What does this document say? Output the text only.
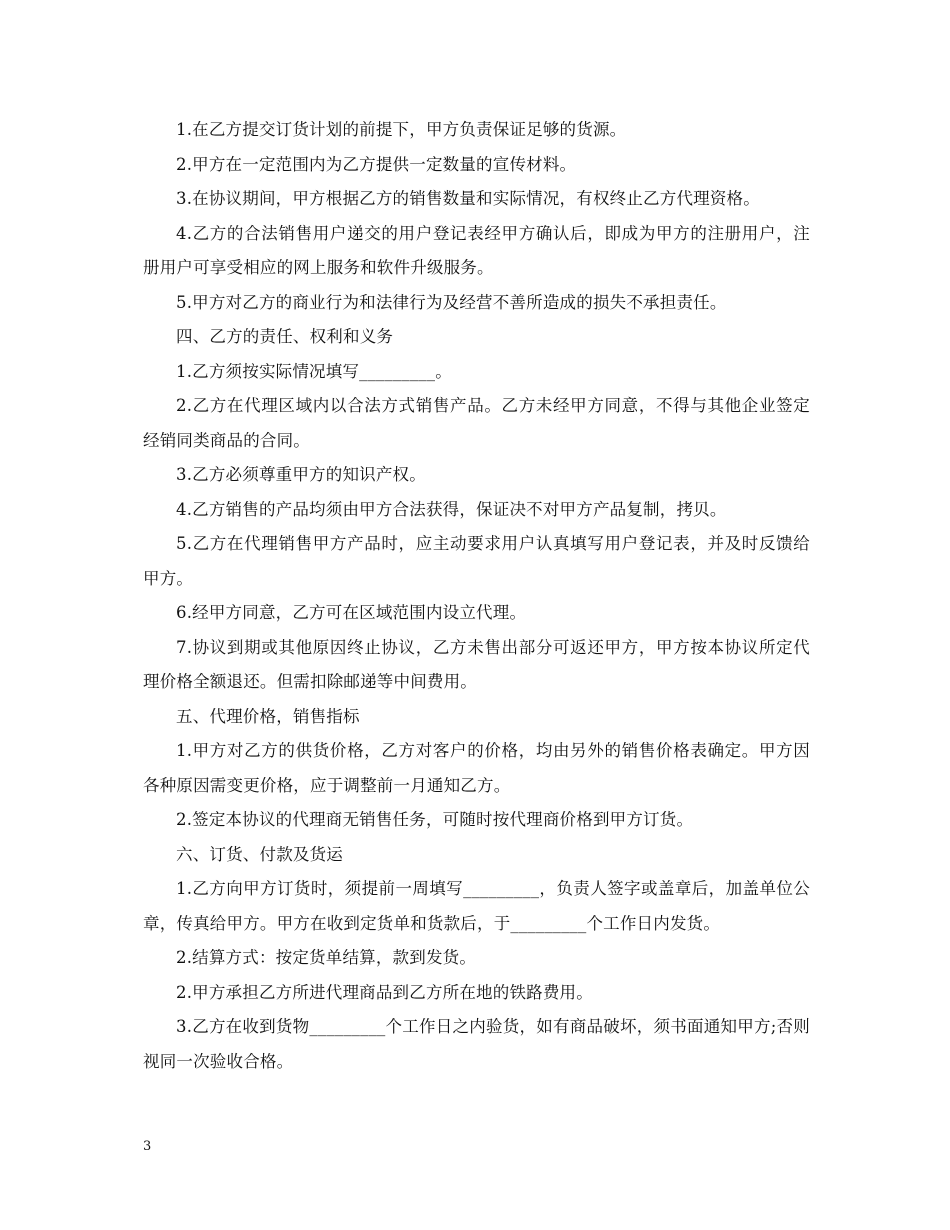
1.在乙方提交订货计划的前提下，甲方负责保证足够的货源。

2.甲方在一定范围内为乙方提供一定数量的宣传材料。

3.在协议期间，甲方根据乙方的销售数量和实际情况，有权终止乙方代理资格。

4.乙方的合法销售用户递交的用户登记表经甲方确认后，即成为甲方的注册用户，注册用户可享受相应的网上服务和软件升级服务。

5.甲方对乙方的商业行为和法律行为及经营不善所造成的损失不承担责任。

四、乙方的责任、权利和义务

1.乙方须按实际情况填写_________。

2.乙方在代理区域内以合法方式销售产品。乙方未经甲方同意，不得与其他企业签定经销同类商品的合同。

3.乙方必须尊重甲方的知识产权。

4.乙方销售的产品均须由甲方合法获得，保证决不对甲方产品复制，拷贝。

5.乙方在代理销售甲方产品时，应主动要求用户认真填写用户登记表，并及时反馈给甲方。

6.经甲方同意，乙方可在区域范围内设立代理。

7.协议到期或其他原因终止协议，乙方未售出部分可返还甲方，甲方按本协议所定代理价格全额退还。但需扣除邮递等中间费用。

五、代理价格，销售指标

1.甲方对乙方的供货价格，乙方对客户的价格，均由另外的销售价格表确定。甲方因各种原因需变更价格，应于调整前一月通知乙方。

2.签定本协议的代理商无销售任务，可随时按代理商价格到甲方订货。

六、订货、付款及货运

1.乙方向甲方订货时，须提前一周填写_________，负责人签字或盖章后，加盖单位公章，传真给甲方。甲方在收到定货单和货款后，于_________个工作日内发货。

2.结算方式：按定货单结算，款到发货。

2.甲方承担乙方所进代理商品到乙方所在地的铁路费用。

3.乙方在收到货物_________个工作日之内验货，如有商品破坏，须书面通知甲方;否则视同一次验收合格。

3
